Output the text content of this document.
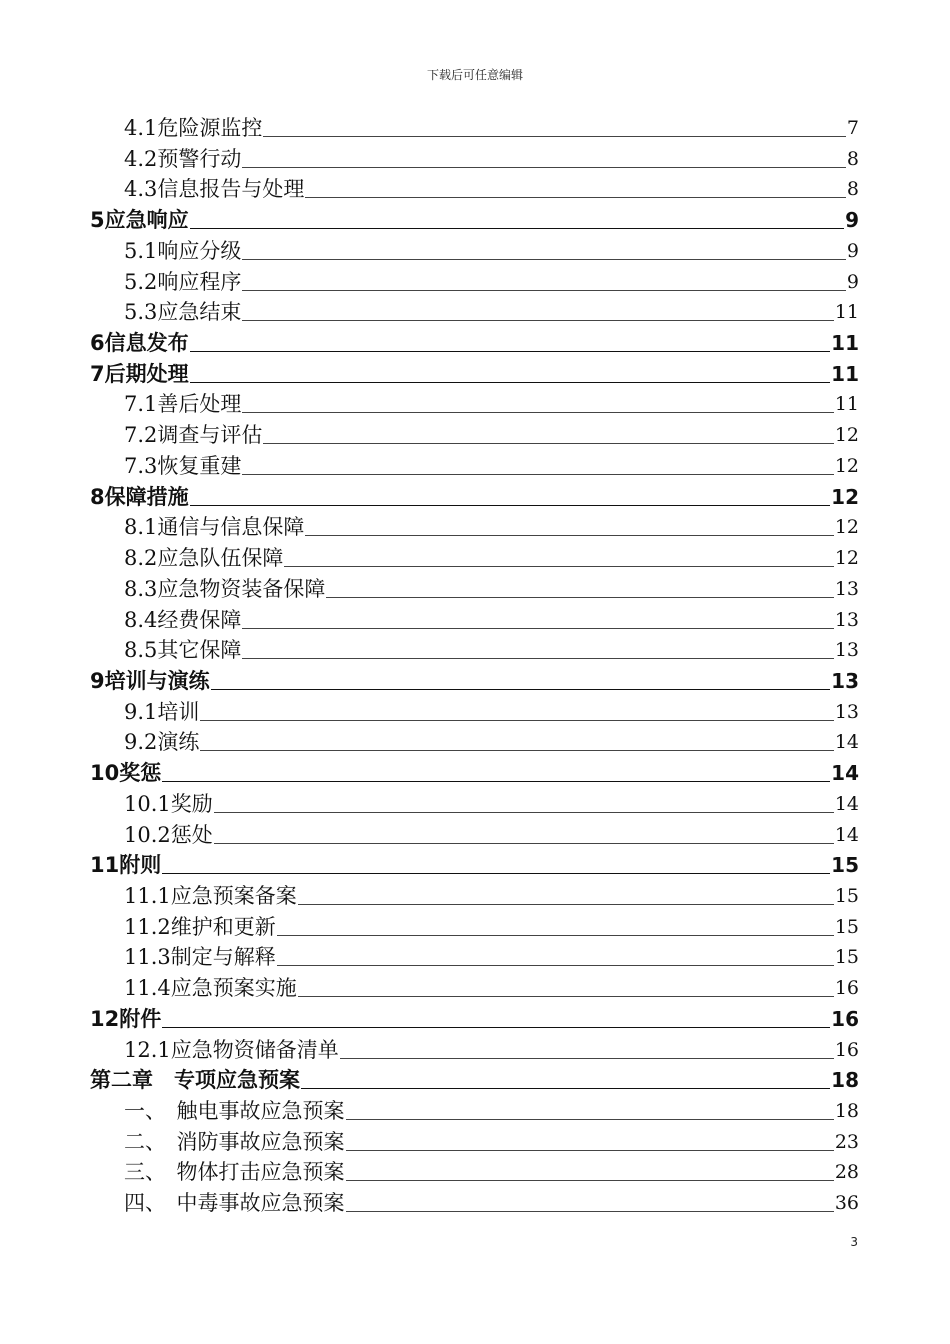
下载后可任意编辑
4.1危险源监控	7
4.2预警行动	8
4.3信息报告与处理	8
5应急响应	9
5.1响应分级	9
5.2响应程序	9
5.3应急结束	11
6信息发布	11
7后期处理	11
7.1善后处理	11
7.2调查与评估	12
7.3恢复重建	12
8保障措施	12
8.1通信与信息保障	12
8.2应急队伍保障	12
8.3应急物资装备保障	13
8.4经费保障	13
8.5其它保障	13
9培训与演练	13
9.1培训	13
9.2演练	14
10奖惩	14
10.1奖励	14
10.2惩处	14
11附则	15
11.1应急预案备案	15
11.2维护和更新	15
11.3制定与解释	15
11.4应急预案实施	16
12附件	16
12.1应急物资储备清单	16
第二章　专项应急预案	18
一、　触电事故应急预案	18
二、　消防事故应急预案	23
三、　物体打击应急预案	28
四、　中毒事故应急预案	36
3
